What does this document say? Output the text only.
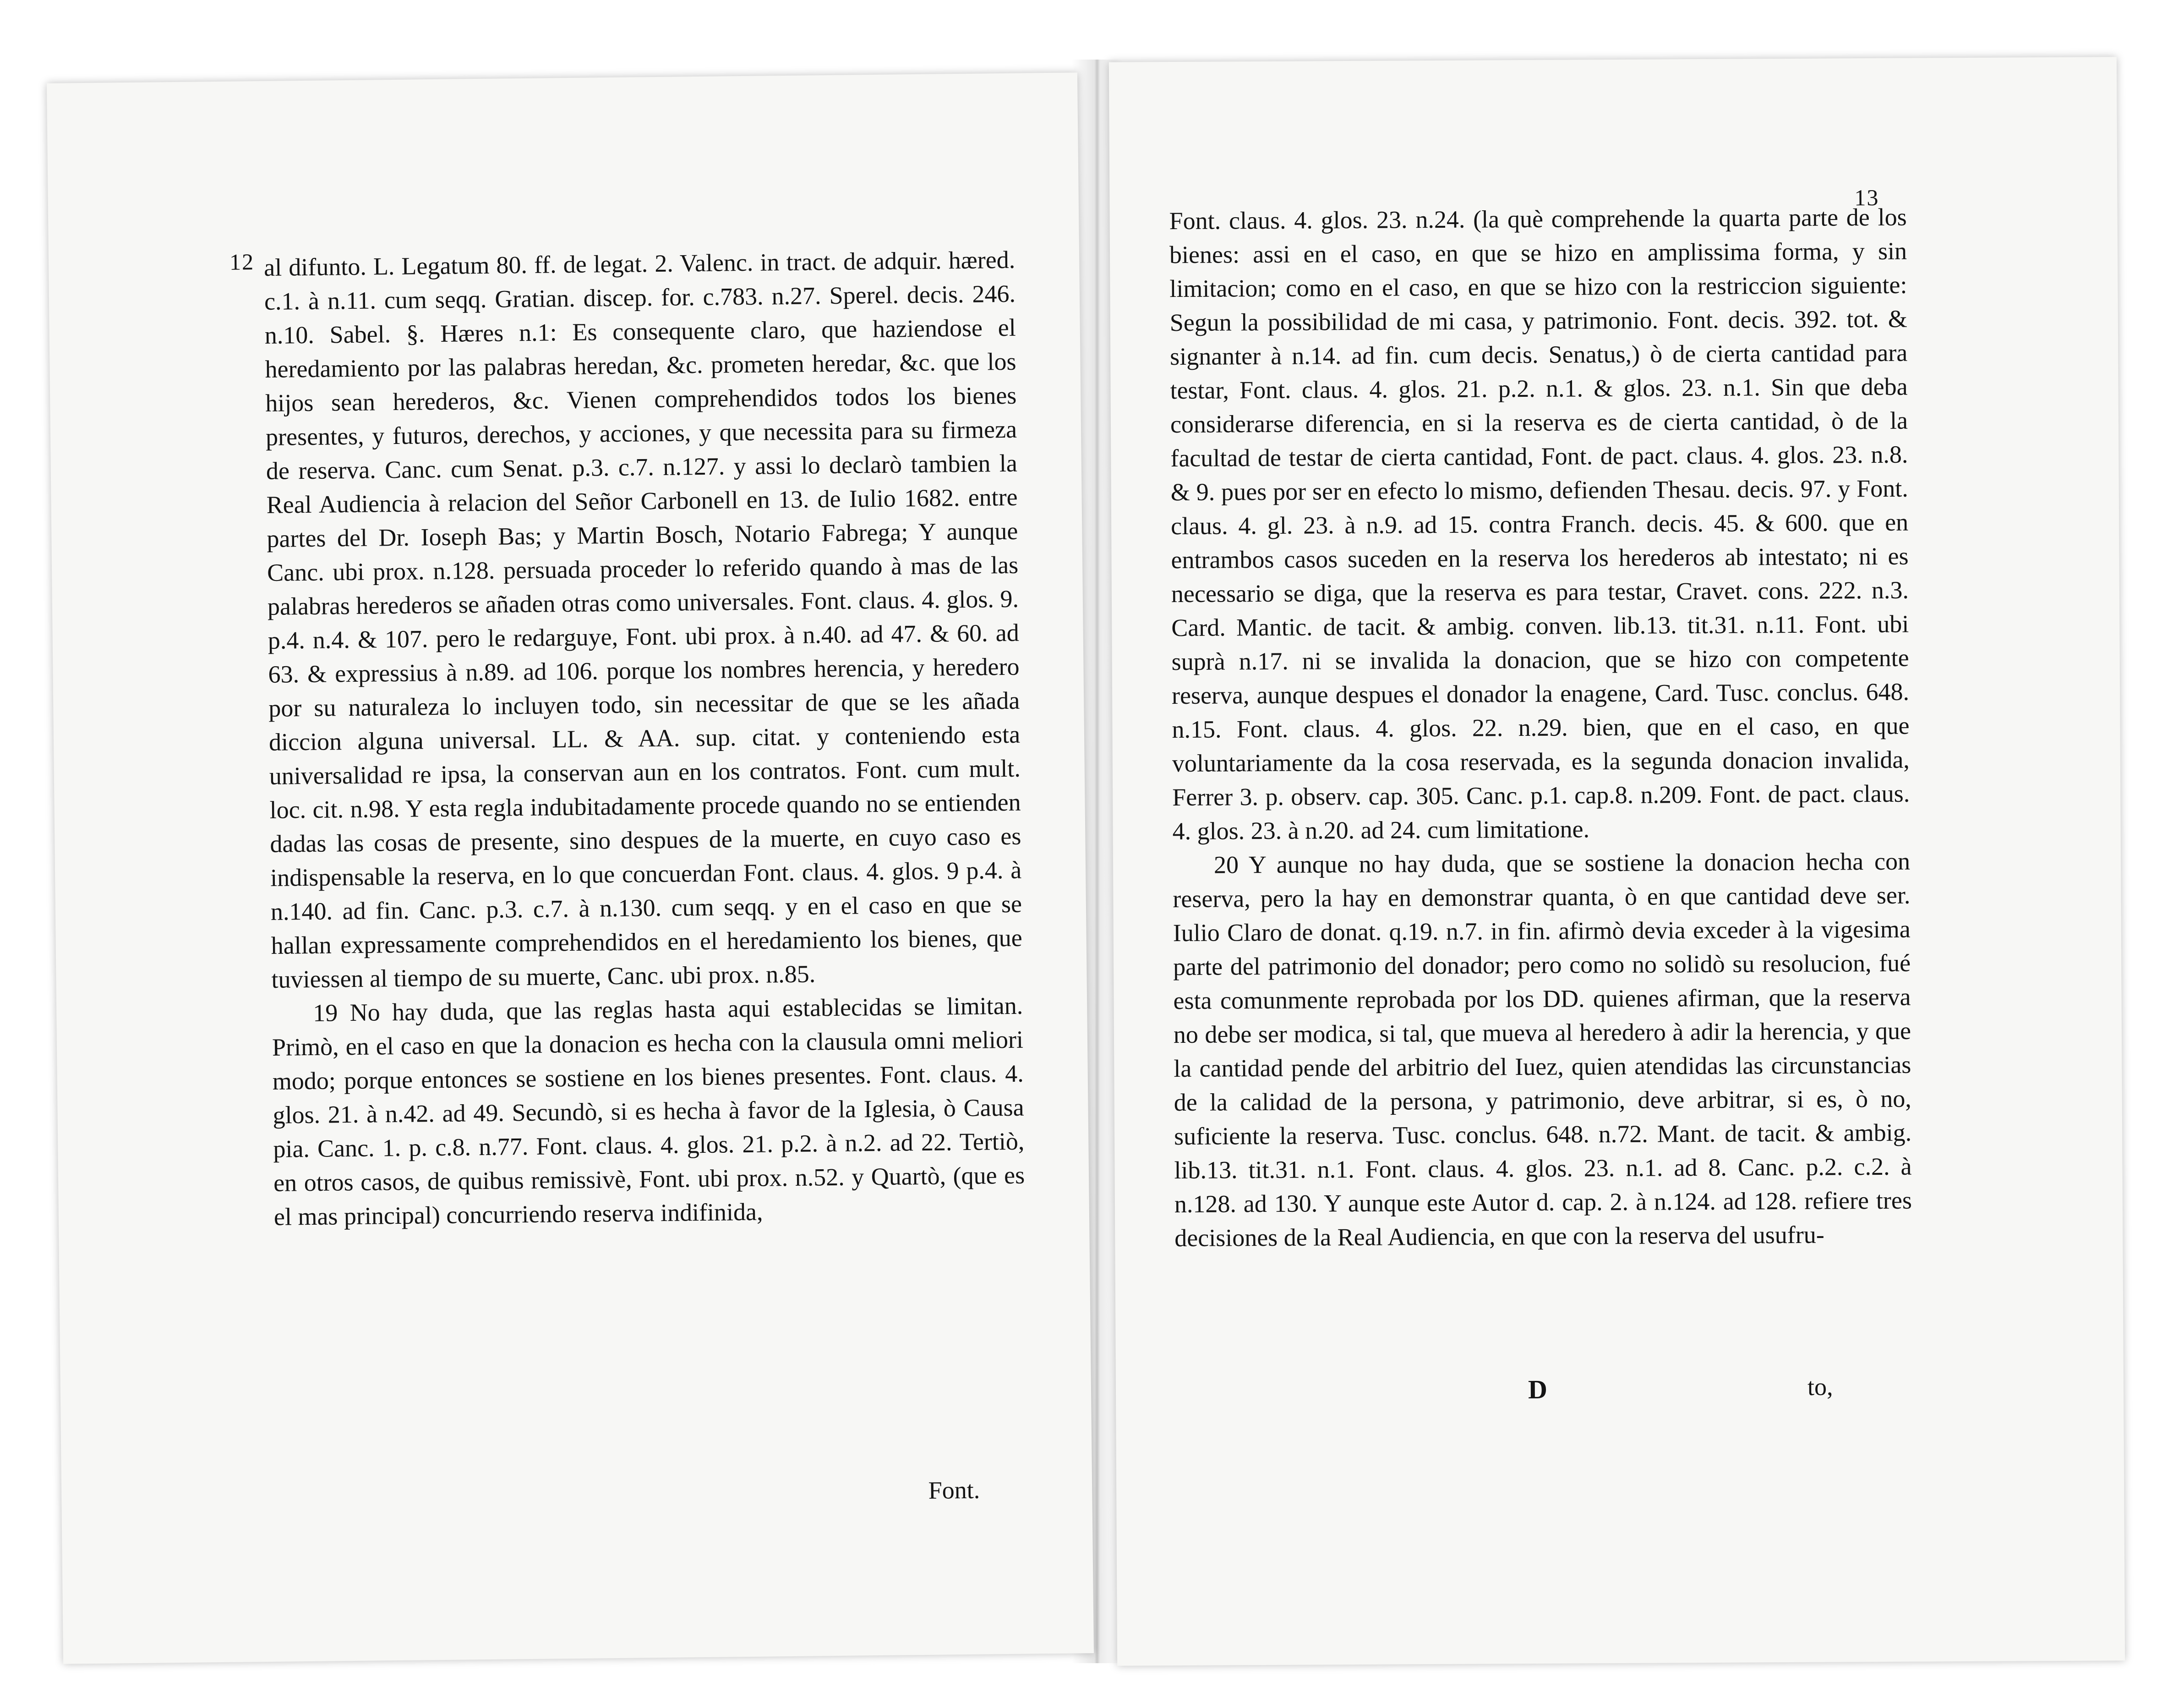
12 al difunto. L. Legatum 80. ff. de legat. 2. Valenc. in tract. de adquir. hæred. c.1. à n.11. cum seqq. Gratian. discep. for. c.783. n.27. Sperel. decis. 246. n.10. Sabel. §. Hæres n.1: Es consequente claro, que haziendose el heredamiento por las palabras heredan, &c. prometen heredar, &c. que los hijos sean herederos, &c. Vienen comprehendidos todos los bienes presentes, y futuros, derechos, y acciones, y que necessita para su firmeza de reserva. Canc. cum Senat. p.3. c.7. n.127. y assi lo declarò tambien la Real Audiencia à relacion del Señor Carbonell en 13. de Iulio 1682. entre partes del Dr. Ioseph Bas; y Martin Bosch, Notario Fabrega; Y aunque Canc. ubi prox. n.128. persuada proceder lo referido quando à mas de las palabras herederos se añaden otras como universales. Font. claus. 4. glos. 9. p.4. n.4. & 107. pero le redarguye, Font. ubi prox. à n.40. ad 47. & 60. ad 63. & expressius à n.89. ad 106. porque los nombres herencia, y heredero por su naturaleza lo incluyen todo, sin necessitar de que se les añada diccion alguna universal. LL. & AA. sup. citat. y conteniendo esta universalidad re ipsa, la conservan aun en los contratos. Font. cum mult. loc. cit. n.98. Y esta regla indubitadamente procede quando no se entienden dadas las cosas de presente, sino despues de la muerte, en cuyo caso es indispensable la reserva, en lo que concuerdan Font. claus. 4. glos. 9 p.4. à n.140. ad fin. Canc. p.3. c.7. à n.130. cum seqq. y en el caso en que se hallan expressamente comprehendidos en el heredamiento los bienes, que tuviessen al tiempo de su muerte, Canc. ubi prox. n.85.

19 No hay duda, que las reglas hasta aqui establecidas se limitan. Primò, en el caso en que la donacion es hecha con la clausula omni meliori modo; porque entonces se sostiene en los bienes presentes. Font. claus. 4. glos. 21. à n.42. ad 49. Secundò, si es hecha à favor de la Iglesia, ò Causa pia. Canc. 1. p. c.8. n.77. Font. claus. 4. glos. 21. p.2. à n.2. ad 22. Tertiò, en otros casos, de quibus remissivè, Font. ubi prox. n.52. y Quartò, (que es el mas principal) concurriendo reserva indifinida,

Font.
13

Font. claus. 4. glos. 23. n.24. (la què comprehende la quarta parte de los bienes: assi en el caso, en que se hizo en amplissima forma, y sin limitacion; como en el caso, en que se hizo con la restriccion siguiente: Segun la possibilidad de mi casa, y patrimonio. Font. decis. 392. tot. & signanter à n.14. ad fin. cum decis. Senatus,) ò de cierta cantidad para testar, Font. claus. 4. glos. 21. p.2. n.1. & glos. 23. n.1. Sin que deba considerarse diferencia, en si la reserva es de cierta cantidad, ò de la facultad de testar de cierta cantidad, Font. de pact. claus. 4. glos. 23. n.8. & 9. pues por ser en efecto lo mismo, defienden Thesau. decis. 97. y Font. claus. 4. gl. 23. à n.9. ad 15. contra Franch. decis. 45. & 600. que en entrambos casos suceden en la reserva los herederos ab intestato; ni es necessario se diga, que la reserva es para testar, Cravet. cons. 222. n.3. Card. Mantic. de tacit. & ambig. conven. lib.13. tit.31. n.11. Font. ubi suprà n.17. ni se invalida la donacion, que se hizo con competente reserva, aunque despues el donador la enagene, Card. Tusc. conclus. 648. n.15. Font. claus. 4. glos. 22. n.29. bien, que en el caso, en que voluntariamente da la cosa reservada, es la segunda donacion invalida, Ferrer 3. p. observ. cap. 305. Canc. p.1. cap.8. n.209. Font. de pact. claus. 4. glos. 23. à n.20. ad 24. cum limitatione.

20 Y aunque no hay duda, que se sostiene la donacion hecha con reserva, pero la hay en demonstrar quanta, ò en que cantidad deve ser. Iulio Claro de donat. q.19. n.7. in fin. afirmò devia exceder à la vigesima parte del patrimonio del donador; pero como no solidò su resolucion, fué esta comunmente reprobada por los DD. quienes afirman, que la reserva no debe ser modica, si tal, que mueva al heredero à adir la herencia, y que la cantidad pende del arbitrio del Iuez, quien atendidas las circunstancias de la calidad de la persona, y patrimonio, deve arbitrar, si es, ò no, suficiente la reserva. Tusc. conclus. 648. n.72. Mant. de tacit. & ambig. lib.13. tit.31. n.1. Font. claus. 4. glos. 23. n.1. ad 8. Canc. p.2. c.2. à n.128. ad 130. Y aunque este Autor d. cap. 2. à n.124. ad 128. refiere tres decisiones de la Real Audiencia, en que con la reserva del usufru-

D	to,
